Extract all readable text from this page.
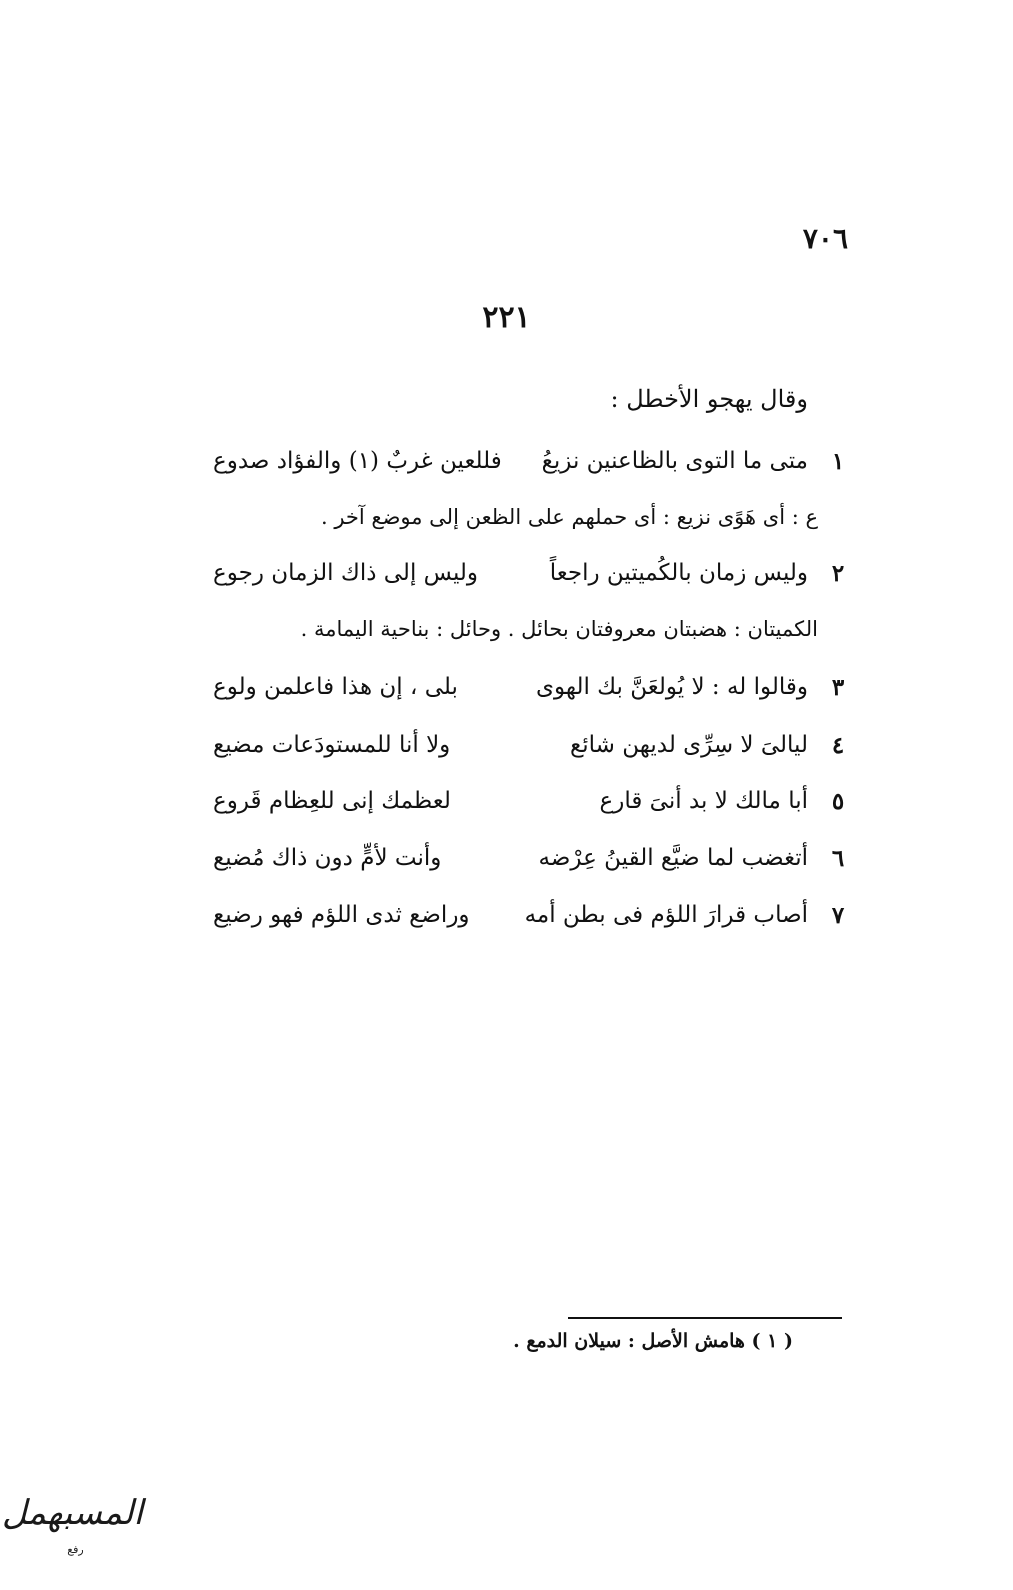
٧٠٦
٢٢١
وقال يهجو الأخطل :
١
متى ما التوى بالظاعنين نزيعُ
فللعين غربٌ (١) والفؤاد صدوع
ع : أى هَوًى نزيع : أى حملهم على الظعن إلى موضع آخر .
٢
وليس زمان بالكُميتين راجعاً
وليس إلى ذاك الزمان رجوع
الكميتان : هضبتان معروفتان بحائل . وحائل : بناحية اليمامة .
٣
وقالوا له : لا يُولعَنَّ بك الهوى
بلى ، إن هذا فاعلمن ولوع
٤
ليالىَ لا سِرِّى لديهن شائع
ولا أنا للمستودَعات مضيع
٥
أبا مالك لا بد أنىَ قارع
لعظمك إنى للعِظام قَروع
٦
أتغضب لما ضيَّع القينُ عِرْضه
وأنت لأمٍّ دون ذاك مُضيع
٧
أصاب قرارَ اللؤم فى بطن أمه
وراضع ثدى اللؤم فهو رضيع
( ١ ) هامش الأصل : سيلان الدمع .
المسبهمل
رفع
